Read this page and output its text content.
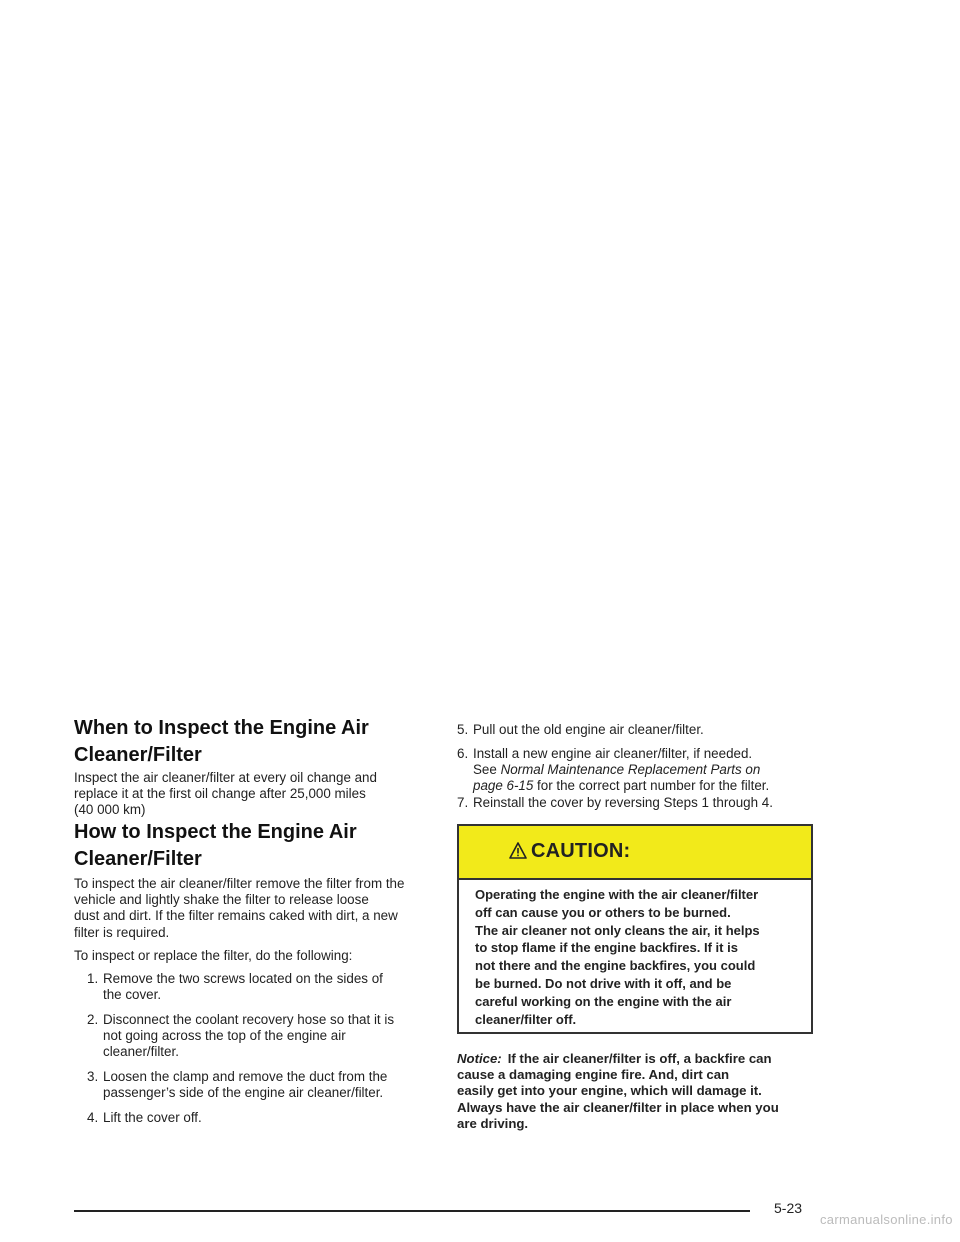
When to Inspect the Engine Air
Cleaner/Filter

Inspect the air cleaner/filter at every oil change and
replace it at the first oil change after 25,000 miles
(40 000 km)

How to Inspect the Engine Air
Cleaner/Filter

To inspect the air cleaner/filter remove the filter from the
vehicle and lightly shake the filter to release loose
dust and dirt. If the filter remains caked with dirt, a new
filter is required.

To inspect or replace the filter, do the following:

1. Remove the two screws located on the sides of
the cover.
2. Disconnect the coolant recovery hose so that it is
not going across the top of the engine air
cleaner/filter.
3. Loosen the clamp and remove the duct from the
passenger’s side of the engine air cleaner/filter.
4. Lift the cover off.
5. Pull out the old engine air cleaner/filter.
6. Install a new engine air cleaner/filter, if needed.
See Normal Maintenance Replacement Parts on
page 6-15 for the correct part number for the filter.
7. Reinstall the cover by reversing Steps 1 through 4.
CAUTION:
Operating the engine with the air cleaner/filter
off can cause you or others to be burned.
The air cleaner not only cleans the air, it helps
to stop flame if the engine backfires. If it is
not there and the engine backfires, you could
be burned. Do not drive with it off, and be
careful working on the engine with the air
cleaner/filter off.
Notice: If the air cleaner/filter is off, a backfire can
cause a damaging engine fire. And, dirt can
easily get into your engine, which will damage it.
Always have the air cleaner/filter in place when you
are driving.
5-23
carmanualsonline.info
